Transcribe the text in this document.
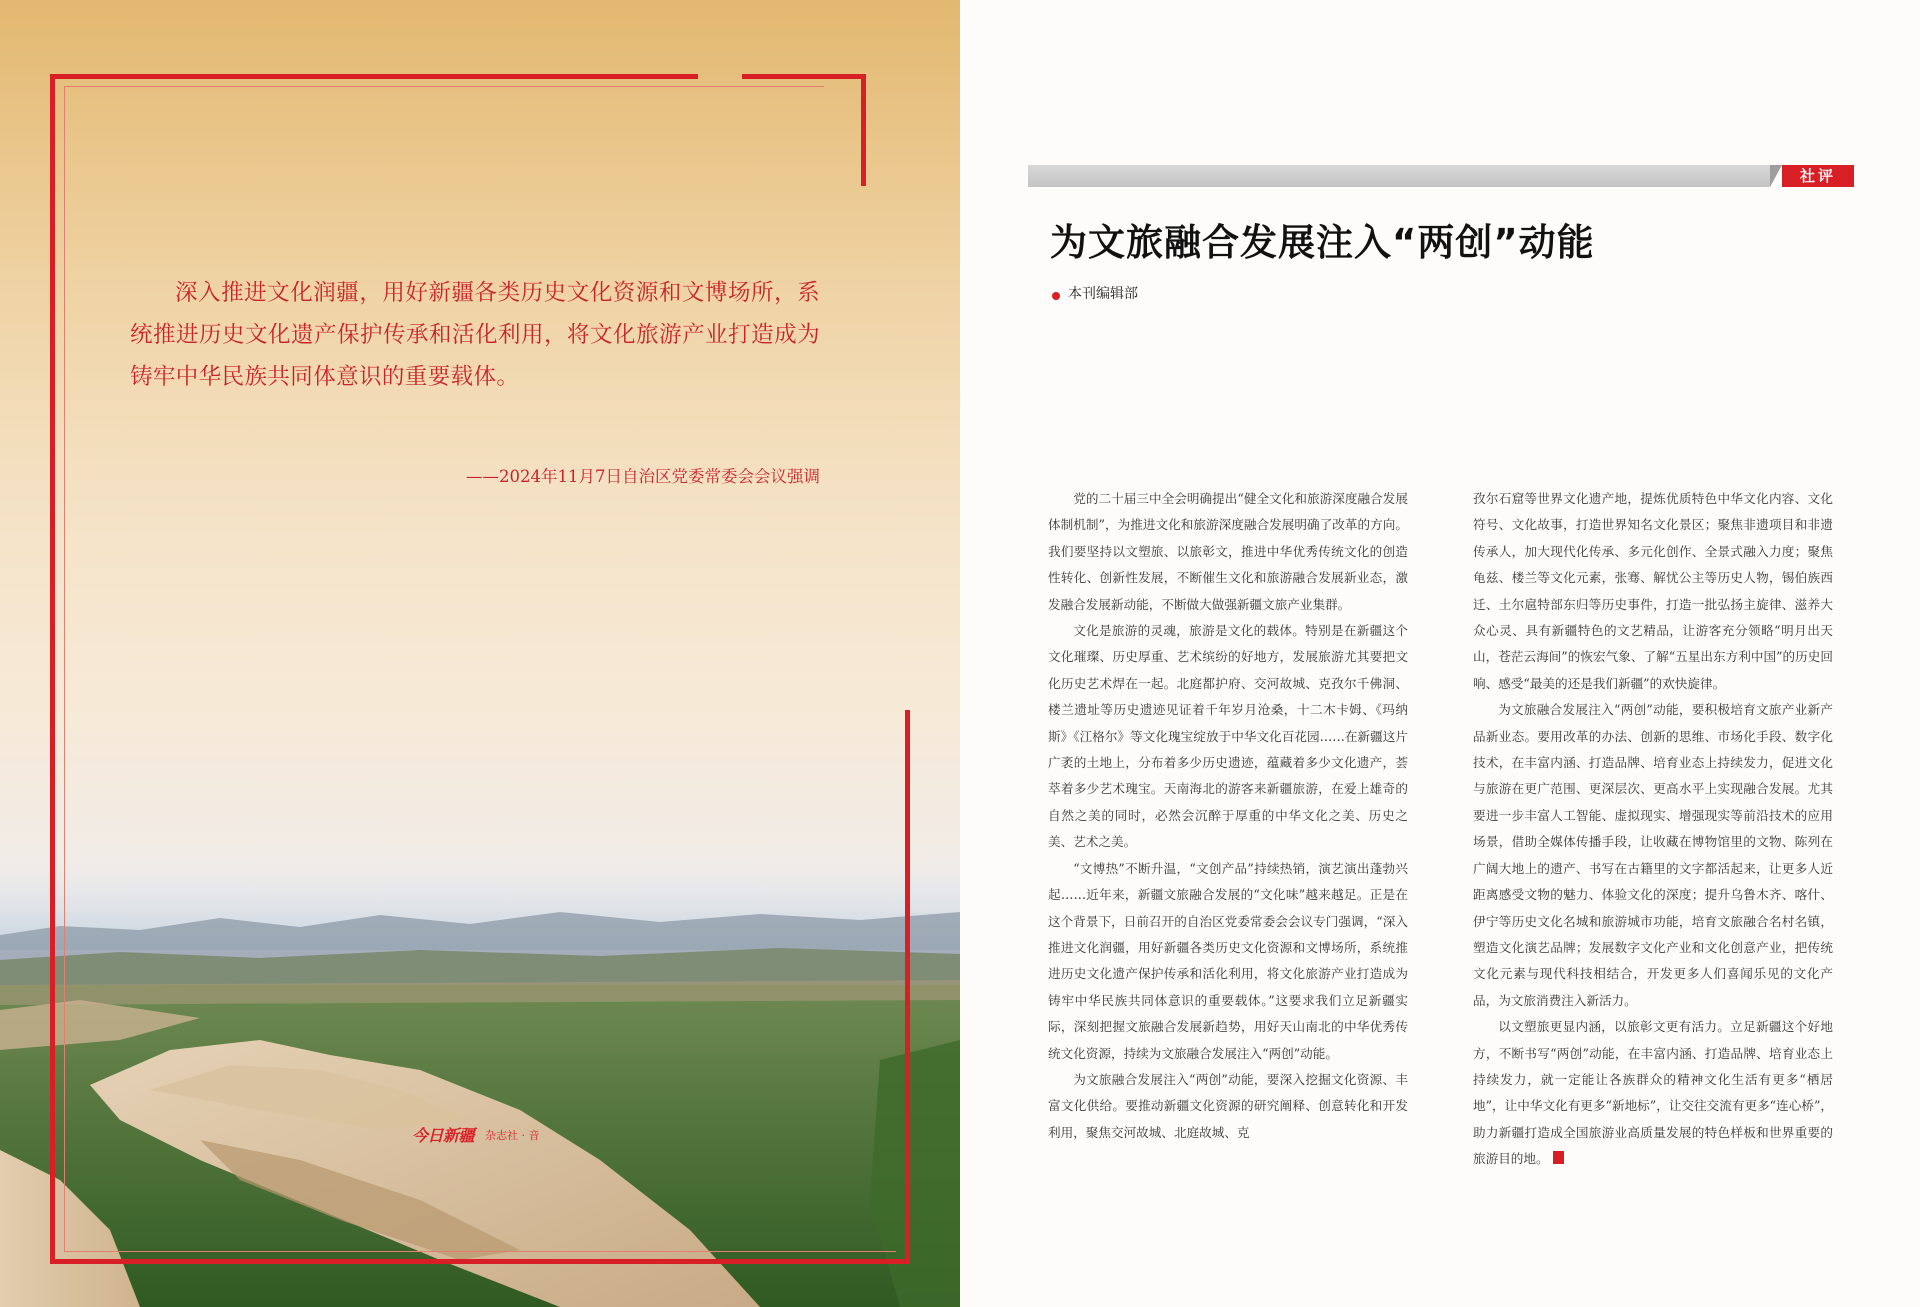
深入推进文化润疆，用好新疆各类历史文化资源和文博场所，系统推进历史文化遗产保护传承和活化利用，将文化旅游产业打造成为铸牢中华民族共同体意识的重要载体。

——2024年11月7日自治区党委常委会会议强调

今日新疆 杂志社 · 音
社评
为文旅融合发展注入“两创”动能
本刊编辑部

党的二十届三中全会明确提出“健全文化和旅游深度融合发展体制机制”，为推进文化和旅游深度融合发展明确了改革的方向。我们要坚持以文塑旅、以旅彰文，推进中华优秀传统文化的创造性转化、创新性发展，不断催生文化和旅游融合发展新业态，激发融合发展新动能，不断做大做强新疆文旅产业集群。

文化是旅游的灵魂，旅游是文化的载体。特别是在新疆这个文化璀璨、历史厚重、艺术缤纷的好地方，发展旅游尤其要把文化历史艺术焊在一起。北庭都护府、交河故城、克孜尔千佛洞、楼兰遗址等历史遗迹见证着千年岁月沧桑，十二木卡姆、《玛纳斯》《江格尔》等文化瑰宝绽放于中华文化百花园……在新疆这片广袤的土地上，分布着多少历史遗迹，蕴藏着多少文化遗产，荟萃着多少艺术瑰宝。天南海北的游客来新疆旅游，在爱上雄奇的自然之美的同时，必然会沉醉于厚重的中华文化之美、历史之美、艺术之美。

“文博热”不断升温，“文创产品”持续热销，演艺演出蓬勃兴起……近年来，新疆文旅融合发展的“文化味”越来越足。正是在这个背景下，日前召开的自治区党委常委会会议专门强调，“深入推进文化润疆，用好新疆各类历史文化资源和文博场所，系统推进历史文化遗产保护传承和活化利用，将文化旅游产业打造成为铸牢中华民族共同体意识的重要载体。”这要求我们立足新疆实际，深刻把握文旅融合发展新趋势，用好天山南北的中华优秀传统文化资源，持续为文旅融合发展注入“两创”动能。

为文旅融合发展注入“两创”动能，要深入挖掘文化资源、丰富文化供给。要推动新疆文化资源的研究阐释、创意转化和开发利用，聚焦交河故城、北庭故城、克

孜尔石窟等世界文化遗产地，提炼优质特色中华文化内容、文化符号、文化故事，打造世界知名文化景区；聚焦非遗项目和非遗传承人，加大现代化传承、多元化创作、全景式融入力度；聚焦龟兹、楼兰等文化元素，张骞、解忧公主等历史人物，锡伯族西迁、土尔扈特部东归等历史事件，打造一批弘扬主旋律、滋养大众心灵、具有新疆特色的文艺精品，让游客充分领略“明月出天山，苍茫云海间”的恢宏气象、了解“五星出东方利中国”的历史回响、感受“最美的还是我们新疆”的欢快旋律。

为文旅融合发展注入“两创”动能，要积极培育文旅产业新产品新业态。要用改革的办法、创新的思维、市场化手段、数字化技术，在丰富内涵、打造品牌、培育业态上持续发力，促进文化与旅游在更广范围、更深层次、更高水平上实现融合发展。尤其要进一步丰富人工智能、虚拟现实、增强现实等前沿技术的应用场景，借助全媒体传播手段，让收藏在博物馆里的文物、陈列在广阔大地上的遗产、书写在古籍里的文字都活起来，让更多人近距离感受文物的魅力、体验文化的深度；提升乌鲁木齐、喀什、伊宁等历史文化名城和旅游城市功能，培育文旅融合名村名镇，塑造文化演艺品牌；发展数字文化产业和文化创意产业，把传统文化元素与现代科技相结合，开发更多人们喜闻乐见的文化产品，为文旅消费注入新活力。

以文塑旅更显内涵，以旅彰文更有活力。立足新疆这个好地方，不断书写“两创”动能，在丰富内涵、打造品牌、培育业态上持续发力，就一定能让各族群众的精神文化生活有更多“栖居地”，让中华文化有更多“新地标”，让交往交流有更多“连心桥”，助力新疆打造成全国旅游业高质量发展的特色样板和世界重要的旅游目的地。
